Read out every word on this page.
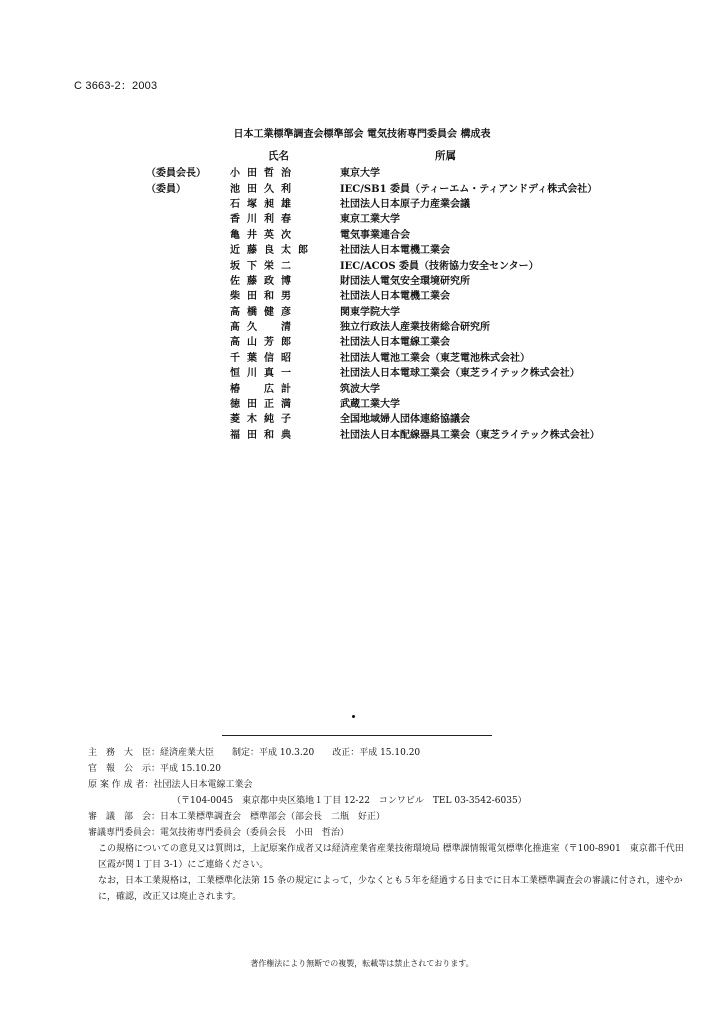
C 3663-2：2003
日本工業標準調査会標準部会 電気技術専門委員会 構成表
氏名	所属
（委員会長）	小田哲治	東京大学
（委員）	池田久利	IEC/SB1 委員（ティーエム・ティアンドディ株式会社）
石塚昶雄	社団法人日本原子力産業会議
香川利春	東京工業大学
亀井英次	電気事業連合会
近藤良太郎	社団法人日本電機工業会
坂下栄二	IEC/ACOS 委員（技術協力安全センター）
佐藤政博	財団法人電気安全環境研究所
柴田和男	社団法人日本電機工業会
高橋健彦	関東学院大学
髙久　清	独立行政法人産業技術総合研究所
高山芳郎	社団法人日本電線工業会
千葉信昭	社団法人電池工業会（東芝電池株式会社）
恒川真一	社団法人日本電球工業会（東芝ライテック株式会社）
椿　広計	筑波大学
徳田正満	武蔵工業大学
菱木純子	全国地域婦人団体連絡協議会
福田和典	社団法人日本配線器具工業会（東芝ライテック株式会社）
主　務　大　臣：経済産業大臣　　制定：平成 10.3.20　　改正：平成 15.10.20
官　報　公　示：平成 15.10.20
原 案 作 成 者：社団法人日本電線工業会
（〒104-0045　東京都中央区築地１丁目 12-22　コンワビル　TEL 03-3542-6035）
審　議　部　会：日本工業標準調査会　標準部会（部会長　二瓶　好正）
審議専門委員会：電気技術専門委員会（委員会長　小田　哲治）
この規格についての意見又は質問は，上記原案作成者又は経済産業省産業技術環境局 標準課情報電気標準化推進室（〒100-8901　東京都千代田区霞が関１丁目 3-1）にご連絡ください。
なお，日本工業規格は，工業標準化法第 15 条の規定によって，少なくとも５年を経過する日までに日本工業標準調査会の審議に付され，速やかに，確認，改正又は廃止されます。
著作権法により無断での複製，転載等は禁止されております。
